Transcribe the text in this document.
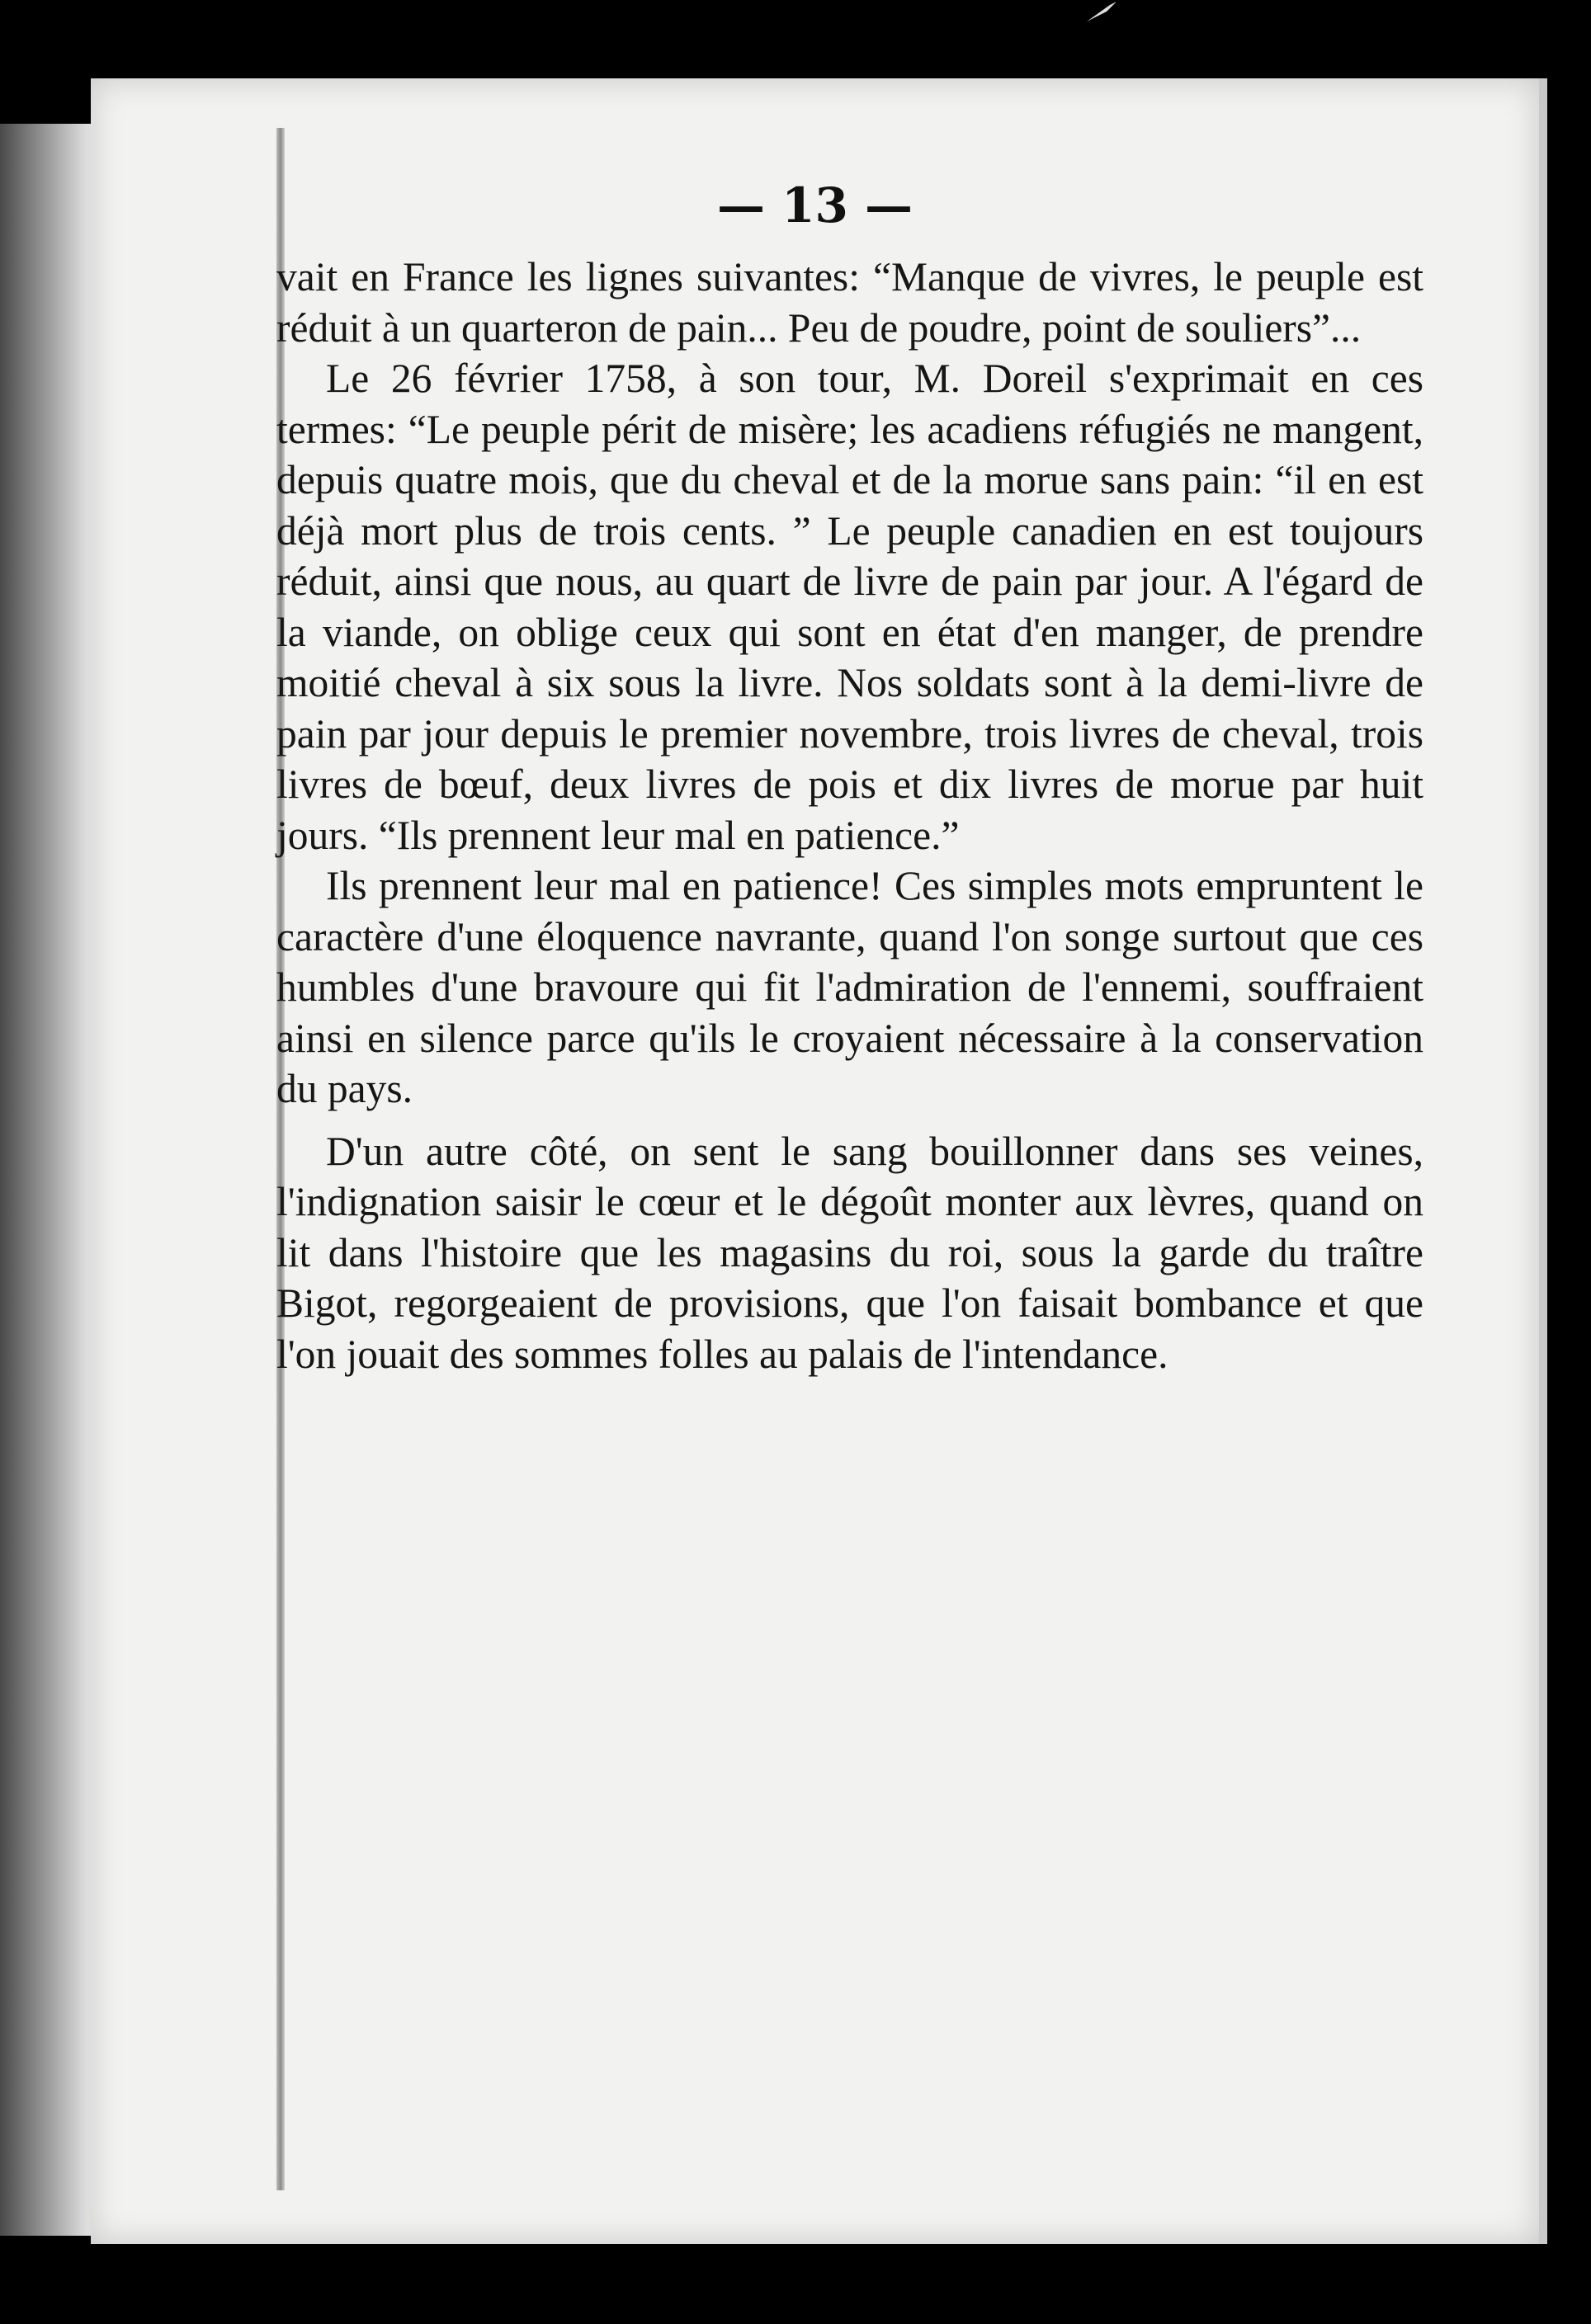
— 13 —

vait en France les lignes suivantes: “Manque de vivres, le peuple est réduit à un quarteron de pain... Peu de poudre, point de souliers”...

Le 26 février 1758, à son tour, M. Doreil s'exprimait en ces termes: “Le peuple périt de misère; les acadiens réfugiés ne mangent, depuis quatre mois, que du cheval et de la morue sans pain: “il en est déjà mort plus de trois cents. ” Le peuple canadien en est toujours réduit, ainsi que nous, au quart de livre de pain par jour. A l'égard de la viande, on oblige ceux qui sont en état d'en manger, de prendre moitié cheval à six sous la livre. Nos soldats sont à la demi-livre de pain par jour depuis le premier novembre, trois livres de cheval, trois livres de bœuf, deux livres de pois et dix livres de morue par huit jours. “Ils prennent leur mal en patience.”

Ils prennent leur mal en patience! Ces simples mots empruntent le caractère d'une éloquence navrante, quand l'on songe surtout que ces humbles d'une bravoure qui fit l'admiration de l'ennemi, souffraient ainsi en silence parce qu'ils le croyaient nécessaire à la conservation du pays.

D'un autre côté, on sent le sang bouillonner dans ses veines, l'indignation saisir le cœur et le dégoût monter aux lèvres, quand on lit dans l'histoire que les magasins du roi, sous la garde du traître Bigot, regorgeaient de provisions, que l'on faisait bombance et que l'on jouait des sommes folles au palais de l'intendance.
